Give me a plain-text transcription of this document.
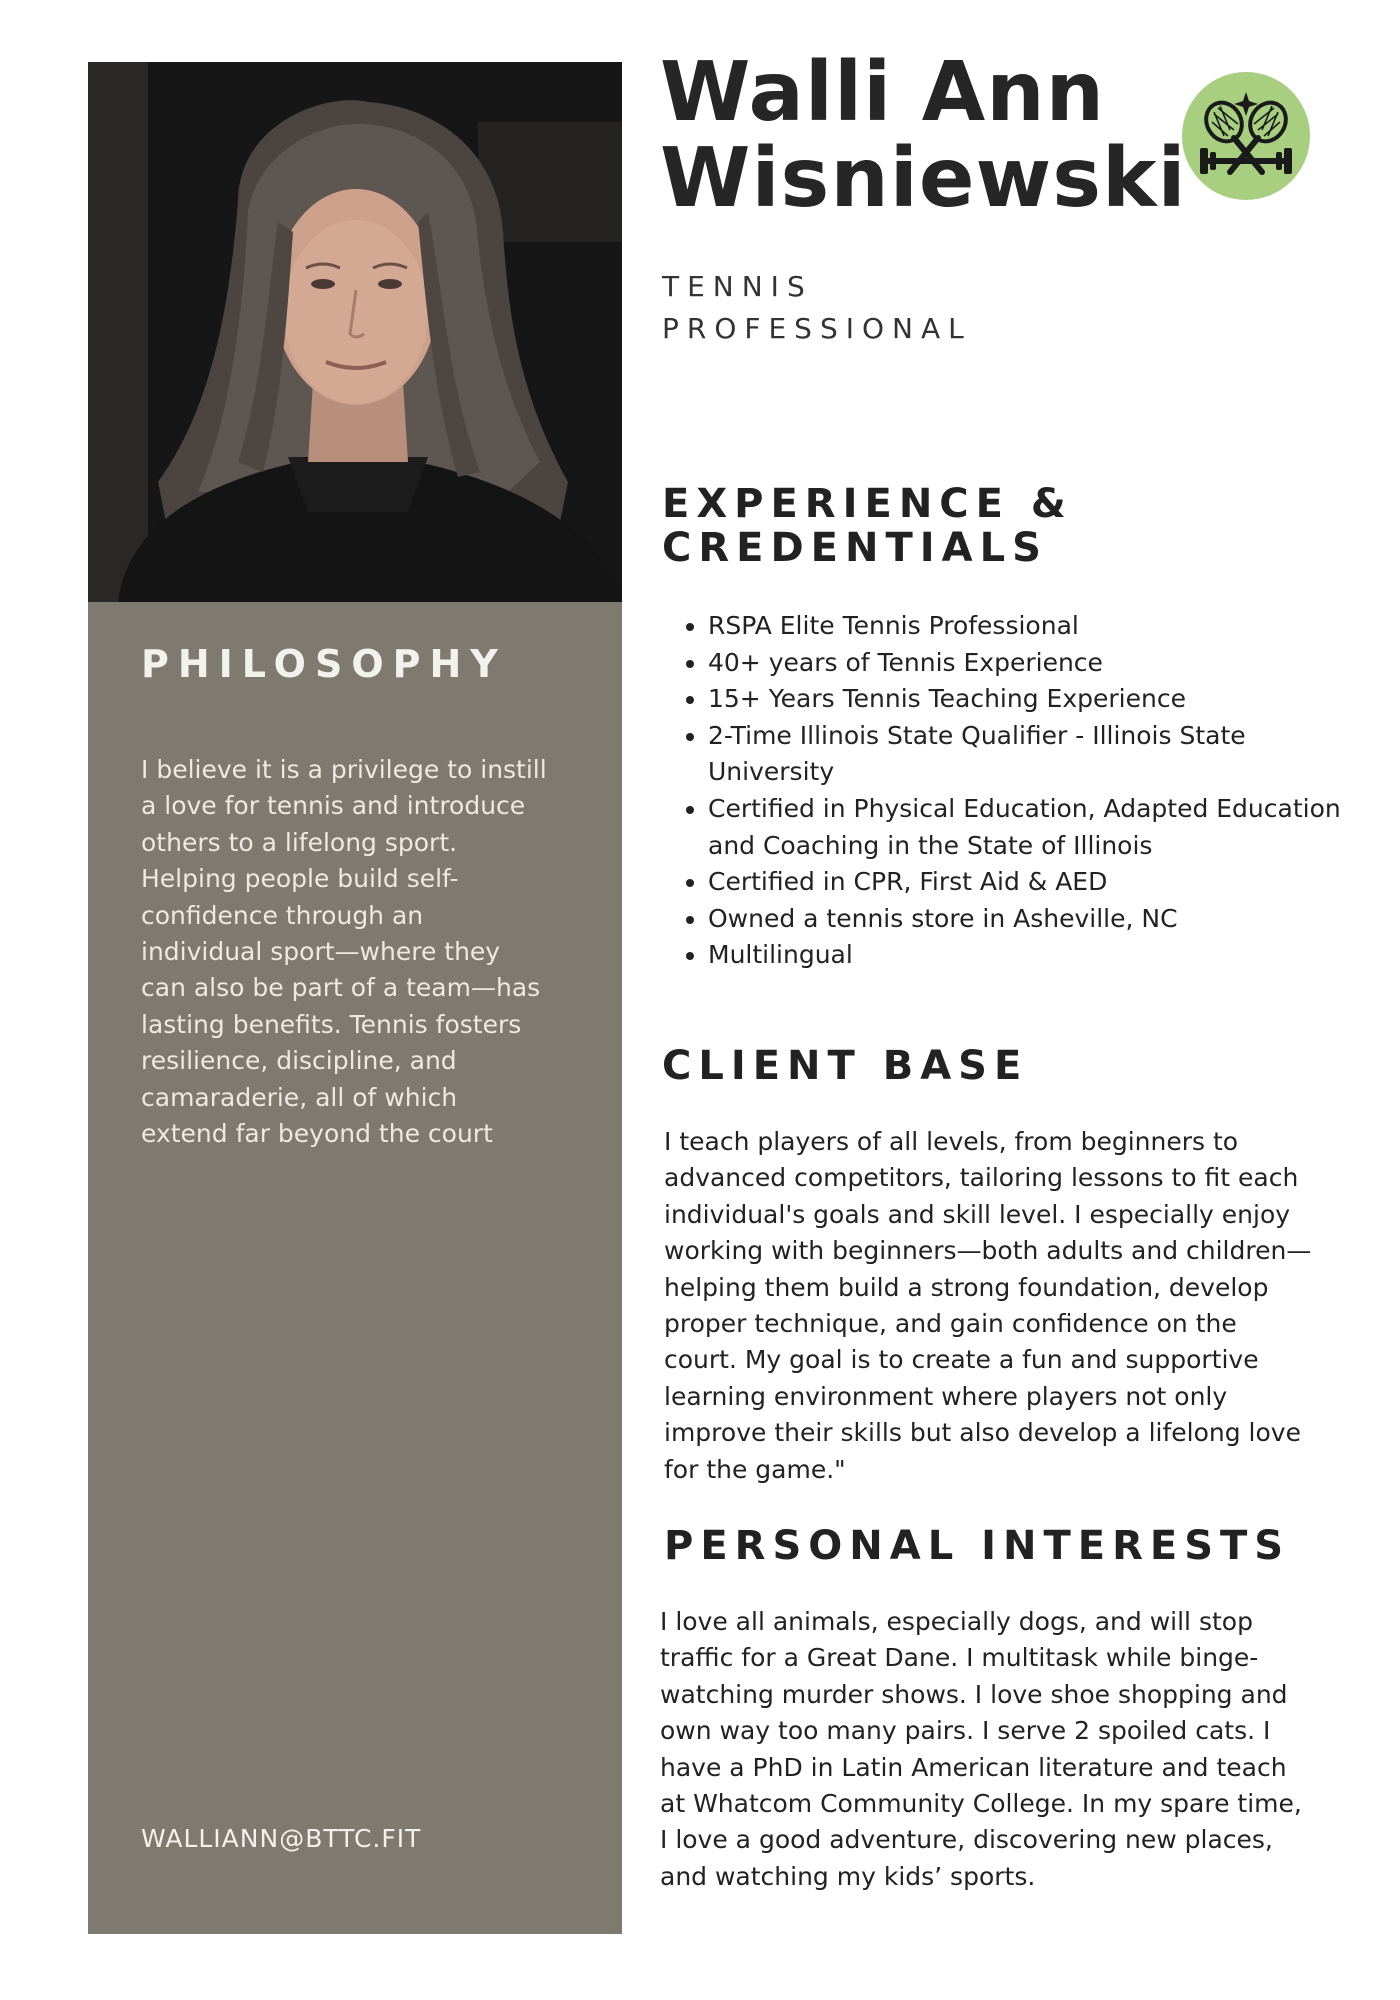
PHILOSOPHY

I believe it is a privilege to instill a love for tennis and introduce others to a lifelong sport. Helping people build self-confidence through an individual sport—where they can also be part of a team—has lasting benefits. Tennis fosters resilience, discipline, and camaraderie, all of which extend far beyond the court

WALLIANN@BTTC.FIT
Walli Ann Wisniewski

TENNIS PROFESSIONAL

EXPERIENCE & CREDENTIALS
• RSPA Elite Tennis Professional
• 40+ years of Tennis Experience
• 15+ Years Tennis Teaching Experience
• 2-Time Illinois State Qualifier - Illinois State University
• Certified in Physical Education, Adapted Education and Coaching in the State of Illinois
• Certified in CPR, First Aid & AED
• Owned a tennis store in Asheville, NC
• Multilingual
CLIENT BASE

I teach players of all levels, from beginners to advanced competitors, tailoring lessons to fit each individual's goals and skill level. I especially enjoy working with beginners—both adults and children—helping them build a strong foundation, develop proper technique, and gain confidence on the court. My goal is to create a fun and supportive learning environment where players not only improve their skills but also develop a lifelong love for the game."

PERSONAL INTERESTS

I love all animals, especially dogs, and will stop traffic for a Great Dane. I multitask while binge-watching murder shows. I love shoe shopping and own way too many pairs. I serve 2 spoiled cats. I have a PhD in Latin American literature and teach at Whatcom Community College. In my spare time, I love a good adventure, discovering new places, and watching my kids’ sports.
